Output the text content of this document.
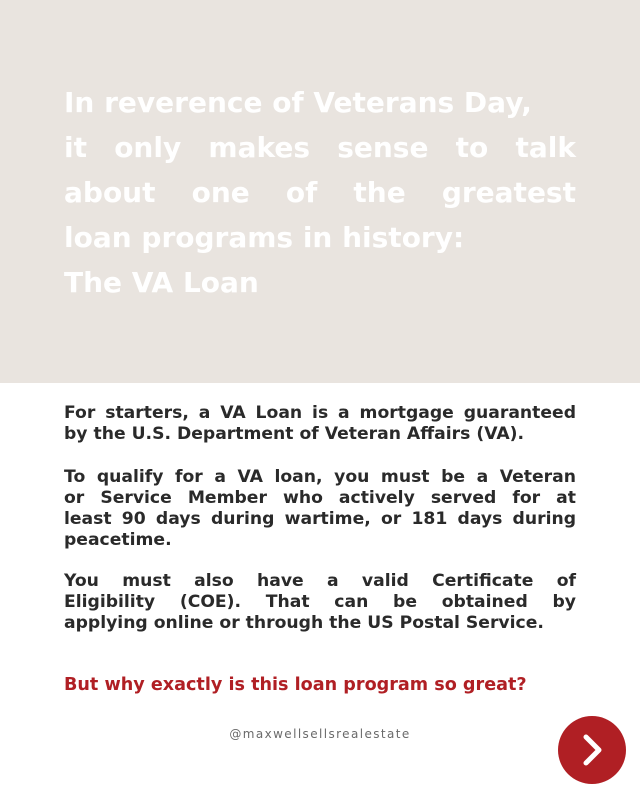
In reverence of Veterans Day,
it only makes sense to talk
about one of the greatest
loan programs in history:
The VA Loan
For starters, a VA Loan is a mortgage guaranteed
by the U.S. Department of Veteran Affairs (VA).
To qualify for a VA loan, you must be a Veteran
or Service Member who actively served for at
least 90 days during wartime, or 181 days during
peacetime.
You must also have a valid Certificate of
Eligibility (COE). That can be obtained by
applying online or through the US Postal Service.

But why exactly is this loan program so great?

@maxwellsellsrealestate
